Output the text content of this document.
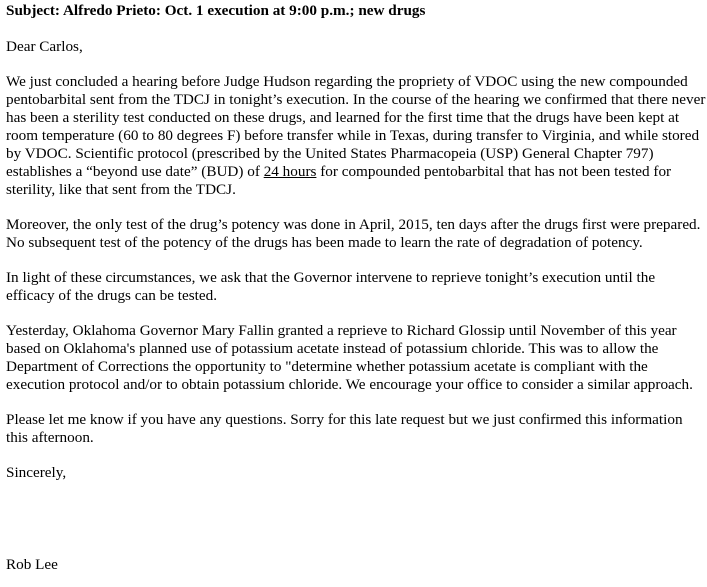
Subject: Alfredo Prieto: Oct. 1 execution at 9:00 p.m.; new drugs
Dear Carlos,
We just concluded a hearing before Judge Hudson regarding the propriety of VDOC using the new compounded pentobarbital sent from the TDCJ in tonight’s execution. In the course of the hearing we confirmed that there never has been a sterility test conducted on these drugs, and learned for the first time that the drugs have been kept at room temperature (60 to 80 degrees F) before transfer while in Texas, during transfer to Virginia, and while stored by VDOC. Scientific protocol (prescribed by the United States Pharmacopeia (USP) General Chapter 797) establishes a “beyond use date” (BUD) of 24 hours for compounded pentobarbital that has not been tested for sterility, like that sent from the TDCJ.
Moreover, the only test of the drug’s potency was done in April, 2015, ten days after the drugs first were prepared. No subsequent test of the potency of the drugs has been made to learn the rate of degradation of potency.
In light of these circumstances, we ask that the Governor intervene to reprieve tonight’s execution until the efficacy of the drugs can be tested.
Yesterday, Oklahoma Governor Mary Fallin granted a reprieve to Richard Glossip until November of this year based on Oklahoma's planned use of potassium acetate instead of potassium chloride. This was to allow the Department of Corrections the opportunity to "determine whether potassium acetate is compliant with the execution protocol and/or to obtain potassium chloride. We encourage your office to consider a similar approach.
Please let me know if you have any questions. Sorry for this late request but we just confirmed this information this afternoon.
Sincerely,
Rob Lee
